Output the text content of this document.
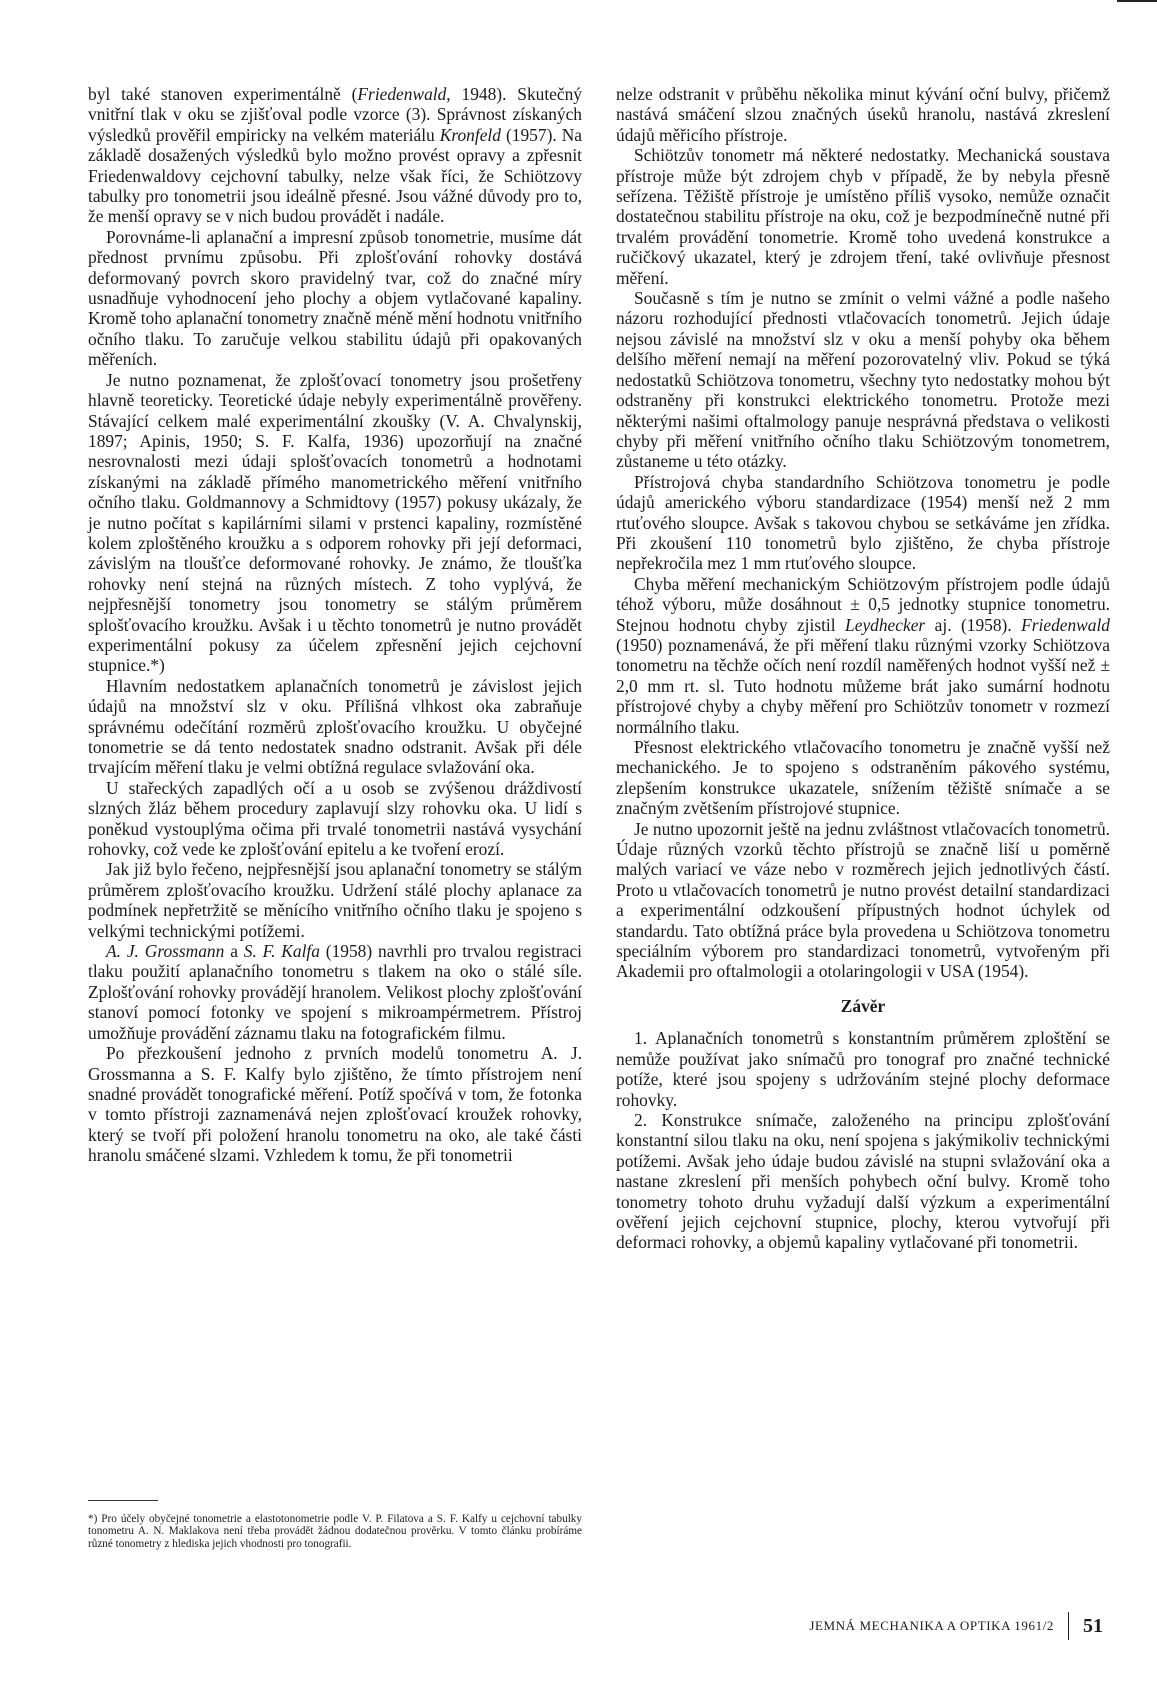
byl také stanoven experimentálně (Friedenwald, 1948). Skutečný vnitřní tlak v oku se zjišťoval podle vzorce (3). Správnost získaných výsledků prověřil empiricky na velkém materiálu Kronfeld (1957). Na základě dosažených výsledků bylo možno provést opravy a zpřesnit Friedenwaldovy cejchovní tabulky, nelze však říci, že Schiötzovy tabulky pro tonometrii jsou ideálně přesné. Jsou vážné důvody pro to, že menší opravy se v nich budou provádět i nadále.

Porovnáme-li aplanační a impresní způsob tonometrie, musíme dát přednost prvnímu způsobu. Při zplošťování rohovky dostává deformovaný povrch skoro pravidelný tvar, což do značné míry usnadňuje vyhodnocení jeho plochy a objem vytlačované kapaliny. Kromě toho aplanační tonometry značně méně mění hodnotu vnitřního očního tlaku. To zaručuje velkou stabilitu údajů při opakovaných měřeních.

Je nutno poznamenat, že zplošťovací tonometry jsou prošetřeny hlavně teoreticky. Teoretické údaje nebyly experimentálně prověřeny. Stávající celkem malé experimentální zkoušky (V. A. Chvalynskij, 1897; Apinis, 1950; S. F. Kalfa, 1936) upozorňují na značné nesrovnalosti mezi údaji splošťovacích tonometrů a hodnotami získanými na základě přímého manometrického měření vnitřního očního tlaku. Goldmannovy a Schmidtovy (1957) pokusy ukázaly, že je nutno počítat s kapilárními silami v prstenci kapaliny, rozmístěné kolem zploštěného kroužku a s odporem rohovky při její deformaci, závislým na tloušťce deformované rohovky. Je známo, že tloušťka rohovky není stejná na různých místech. Z toho vyplývá, že nejpřesnější tonometry jsou tonometry se stálým průměrem splošťovacího kroužku. Avšak i u těchto tonometrů je nutno provádět experimentální pokusy za účelem zpřesnění jejich cejchovní stupnice.*)

Hlavním nedostatkem aplanačních tonometrů je závislost jejich údajů na množství slz v oku. Přílišná vlhkost oka zabraňuje správnému odečítání rozměrů zplošťovacího kroužku. U obyčejné tonometrie se dá tento nedostatek snadno odstranit. Avšak při déle trvajícím měření tlaku je velmi obtížná regulace svlažování oka.

U stařeckých zapadlých očí a u osob se zvýšenou dráždivostí slzných žláz během procedury zaplavují slzy rohovku oka. U lidí s poněkud vystouplýma očima při trvalé tonometrii nastává vysychání rohovky, což vede ke zplošťování epitelu a ke tvoření erozí.

Jak již bylo řečeno, nejpřesnější jsou aplanační tonometry se stálým průměrem zplošťovacího kroužku. Udržení stálé plochy aplanace za podmínek nepřetržitě se měnícího vnitřního očního tlaku je spojeno s velkými technickými potížemi.

A. J. Grossmann a S. F. Kalfa (1958) navrhli pro trvalou registraci tlaku použití aplanačního tonometru s tlakem na oko o stálé síle. Zplošťování rohovky provádějí hranolem. Velikost plochy zplošťování stanoví pomocí fotonky ve spojení s mikroampérmetrem. Přístroj umožňuje provádění záznamu tlaku na fotografickém filmu.

Po přezkoušení jednoho z prvních modelů tonometru A. J. Grossmanna a S. F. Kalfy bylo zjištěno, že tímto přístrojem není snadné provádět tonografické měření. Potíž spočívá v tom, že fotonka v tomto přístroji zaznamenává nejen zplošťovací kroužek rohovky, který se tvoří při položení hranolu tonometru na oko, ale také části hranolu smáčené slzami. Vzhledem k tomu, že při tonometrii

nelze odstranit v průběhu několika minut kývání oční bulvy, přičemž nastává smáčení slzou značných úseků hranolu, nastává zkreslení údajů měřicího přístroje.

Schiötzův tonometr má některé nedostatky. Mechanická soustava přístroje může být zdrojem chyb v případě, že by nebyla přesně seřízena. Těžiště přístroje je umístěno příliš vysoko, nemůže označit dostatečnou stabilitu přístroje na oku, což je bezpodmínečně nutné při trvalém provádění tonometrie. Kromě toho uvedená konstrukce a ručičkový ukazatel, který je zdrojem tření, také ovlivňuje přesnost měření.

Současně s tím je nutno se zmínit o velmi vážné a podle našeho názoru rozhodující přednosti vtlačovacích tonometrů. Jejich údaje nejsou závislé na množství slz v oku a menší pohyby oka během delšího měření nemají na měření pozorovatelný vliv. Pokud se týká nedostatků Schiötzova tonometru, všechny tyto nedostatky mohou být odstraněny při konstrukci elektrického tonometru. Protože mezi některými našimi oftalmology panuje nesprávná představa o velikosti chyby při měření vnitřního očního tlaku Schiötzovým tonometrem, zůstaneme u této otázky.

Přístrojová chyba standardního Schiötzova tonometru je podle údajů amerického výboru standardizace (1954) menší než 2 mm rtuťového sloupce. Avšak s takovou chybou se setkáváme jen zřídka. Při zkoušení 110 tonometrů bylo zjištěno, že chyba přístroje nepřekročila mez 1 mm rtuťového sloupce.

Chyba měření mechanickým Schiötzovým přístrojem podle údajů téhož výboru, může dosáhnout ± 0,5 jednotky stupnice tonometru. Stejnou hodnotu chyby zjistil Leydhecker aj. (1958). Friedenwald (1950) poznamenává, že při měření tlaku různými vzorky Schiötzova tonometru na těchže očích není rozdíl naměřených hodnot vyšší než ± 2,0 mm rt. sl. Tuto hodnotu můžeme brát jako sumární hodnotu přístrojové chyby a chyby měření pro Schiötzův tonometr v rozmezí normálního tlaku.

Přesnost elektrického vtlačovacího tonometru je značně vyšší než mechanického. Je to spojeno s odstraněním pákového systému, zlepšením konstrukce ukazatele, snížením těžiště snímače a se značným zvětšením přístrojové stupnice.

Je nutno upozornit ještě na jednu zvláštnost vtlačovacích tonometrů. Údaje různých vzorků těchto přístrojů se značně liší u poměrně malých variací ve váze nebo v rozměrech jejich jednotlivých částí. Proto u vtlačovacích tonometrů je nutno provést detailní standardizaci a experimentální odzkoušení přípustných hodnot úchylek od standardu. Tato obtížná práce byla provedena u Schiötzova tonometru speciálním výborem pro standardizaci tonometrů, vytvořeným při Akademii pro oftalmologii a otolaringologii v USA (1954).

Závěr

1. Aplanačních tonometrů s konstantním průměrem zploštění se nemůže používat jako snímačů pro tonograf pro značné technické potíže, které jsou spojeny s udržováním stejné plochy deformace rohovky.

2. Konstrukce snímače, založeného na principu zplošťování konstantní silou tlaku na oku, není spojena s jakýmikoliv technickými potížemi. Avšak jeho údaje budou závislé na stupni svlažování oka a nastane zkreslení při menších pohybech oční bulvy. Kromě toho tonometry tohoto druhu vyžadují další výzkum a experimentální ověření jejich cejchovní stupnice, plochy, kterou vytvořují při deformaci rohovky, a objemů kapaliny vytlačované při tonometrii.

*) Pro účely obyčejné tonometrie a elastotonometrie podle V. P. Filatova a S. F. Kalfy u cejchovní tabulky tonometru A. N. Maklakova není třeba provádět žádnou dodatečnou prověrku. V tomto článku probíráme různé tonometry z hlediska jejich vhodnosti pro tonografii.
JEMNÁ MECHANIKA A OPTIKA 1961/2 51
